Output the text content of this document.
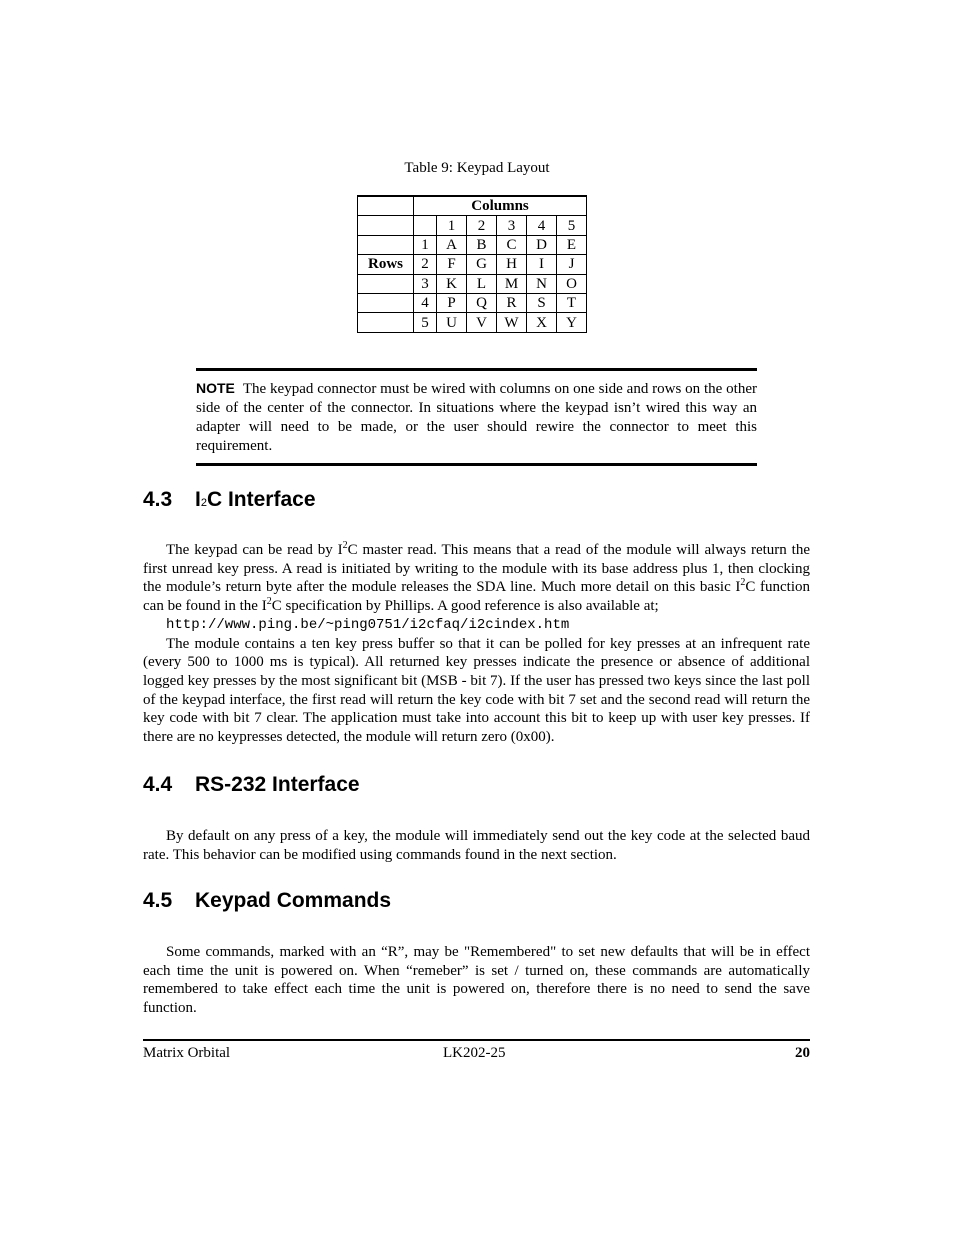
Table 9: Keypad Layout
	Columns					
		1	2	3	4	5
	1	A	B	C	D	E
Rows	2	F	G	H	I	J
	3	K	L	M	N	O
	4	P	Q	R	S	T
	5	U	V	W	X	Y
NOTE The keypad connector must be wired with columns on one side and rows on the other side of the center of the connector. In situations where the keypad isn’t wired this way an adapter will need to be made, or the user should rewire the connector to meet this requirement.
4.3 I2C Interface

The keypad can be read by $I^2C$ master read. This means that a read of the module will always return the first unread key press. A read is initiated by writing to the module with its base address plus 1, then clocking the module’s return byte after the module releases the SDA line. Much more detail on this basic $I^2C$ function can be found in the $I^2C$ specification by Phillips. A good reference is also available at;

http://www.ping.be/~ping0751/i2cfaq/i2cindex.htm

The module contains a ten key press buffer so that it can be polled for key presses at an infrequent rate (every 500 to 1000 ms is typical). All returned key presses indicate the presence or absence of additional logged key presses by the most significant bit (MSB - bit 7). If the user has pressed two keys since the last poll of the keypad interface, the first read will return the key code with bit 7 set and the second read will return the key code with bit 7 clear. The application must take into account this bit to keep up with user key presses. If there are no keypresses detected, the module will return zero (0x00).

4.4 RS-232 Interface

By default on any press of a key, the module will immediately send out the key code at the selected baud rate. This behavior can be modified using commands found in the next section.

4.5 Keypad Commands

Some commands, marked with an “R”, may be "Remembered" to set new defaults that will be in effect each time the unit is powered on. When “remeber” is set / turned on, these commands are automatically remembered to take effect each time the unit is powered on, therefore there is no need to send the save function.

Matrix Orbital	LK202-25	20
